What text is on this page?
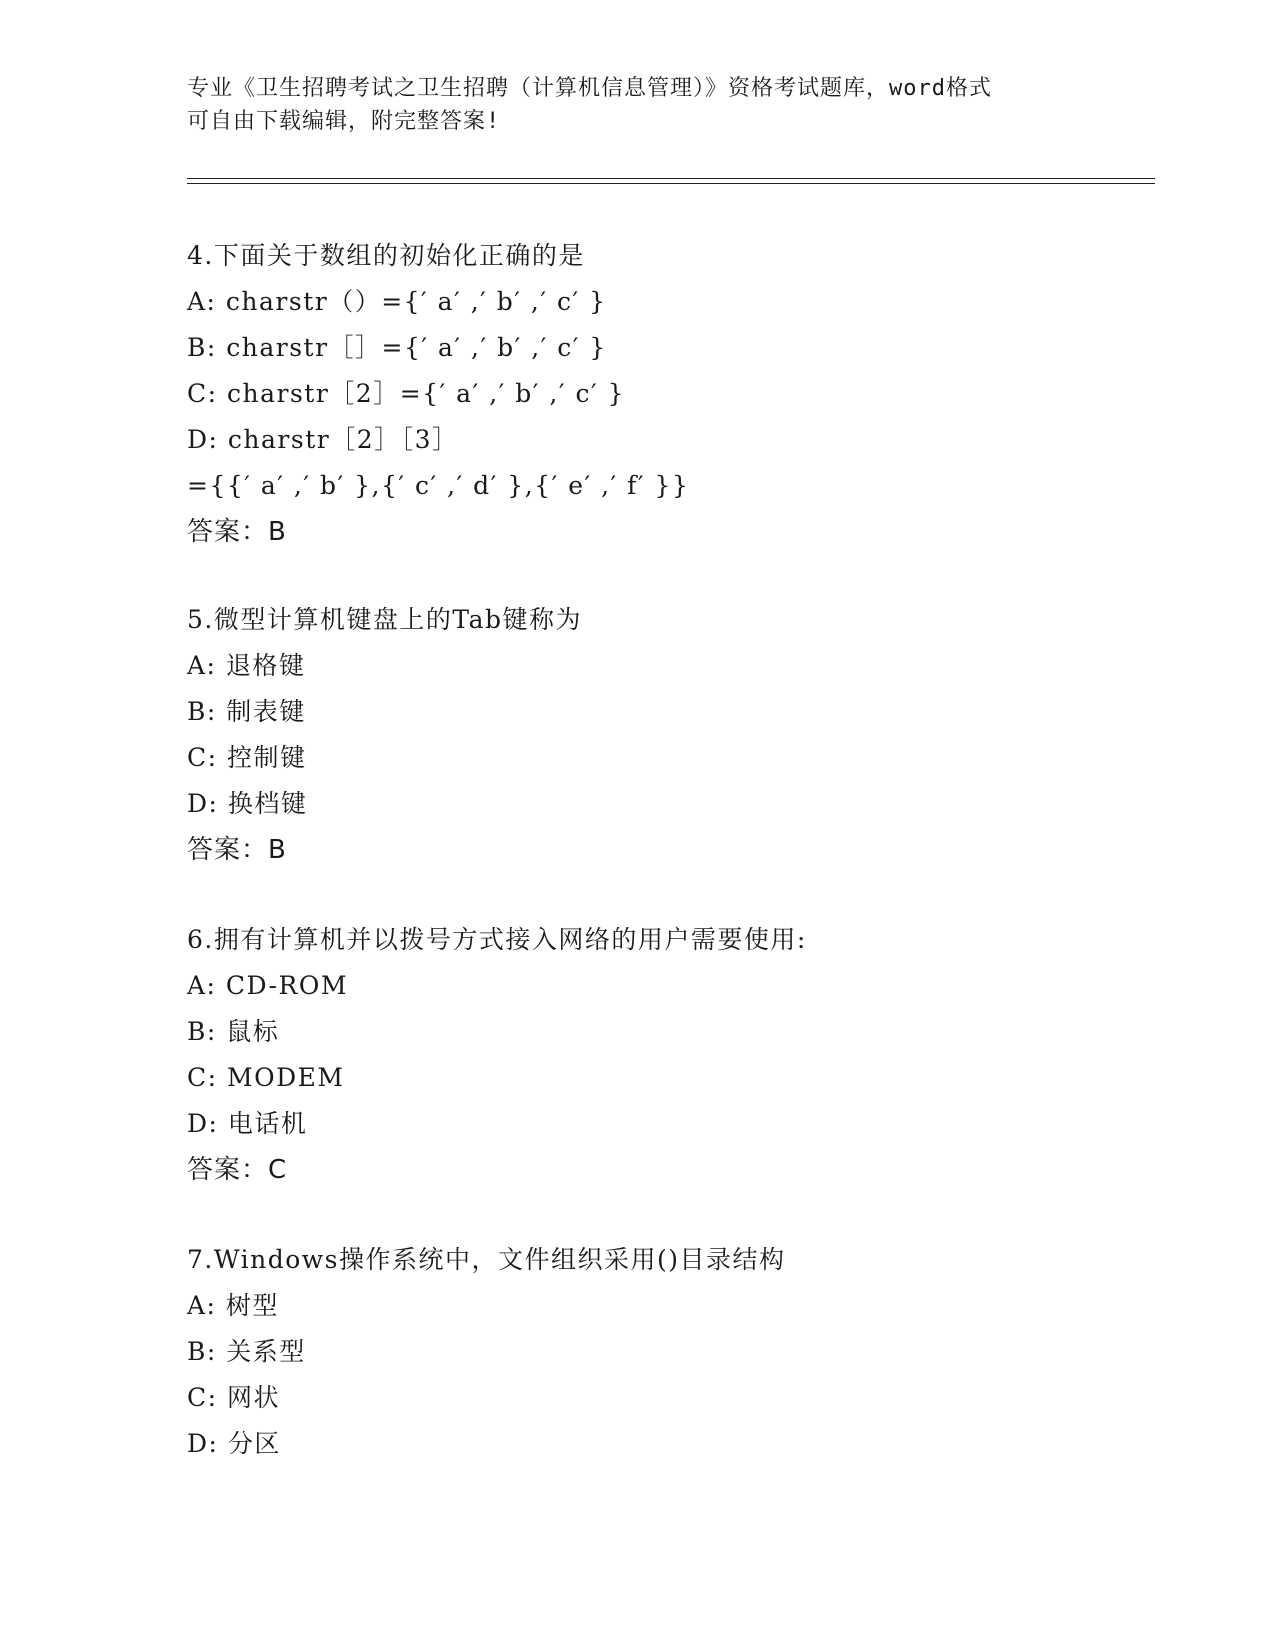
专业《卫生招聘考试之卫生招聘（计算机信息管理）》资格考试题库，word格式
可自由下载编辑，附完整答案!
4.下面关于数组的初始化正确的是
A: charstr（）={′ a′ ,′ b′ ,′ c′ }
B: charstr［］={′ a′ ,′ b′ ,′ c′ }
C: charstr［2］={′ a′ ,′ b′ ,′ c′ }
D: charstr［2］［3］
={{′ a′ ,′ b′ },{′ c′ ,′ d′ },{′ e′ ,′ f′ }}
答案：B
5.微型计算机键盘上的Tab键称为
A: 退格键
B: 制表键
C: 控制键
D: 换档键
答案：B
6.拥有计算机并以拨号方式接入网络的用户需要使用:
A: CD-ROM
B: 鼠标
C: MODEM
D: 电话机
答案：C
7.Windows操作系统中，文件组织采用()目录结构
A: 树型
B: 关系型
C: 网状
D: 分区
